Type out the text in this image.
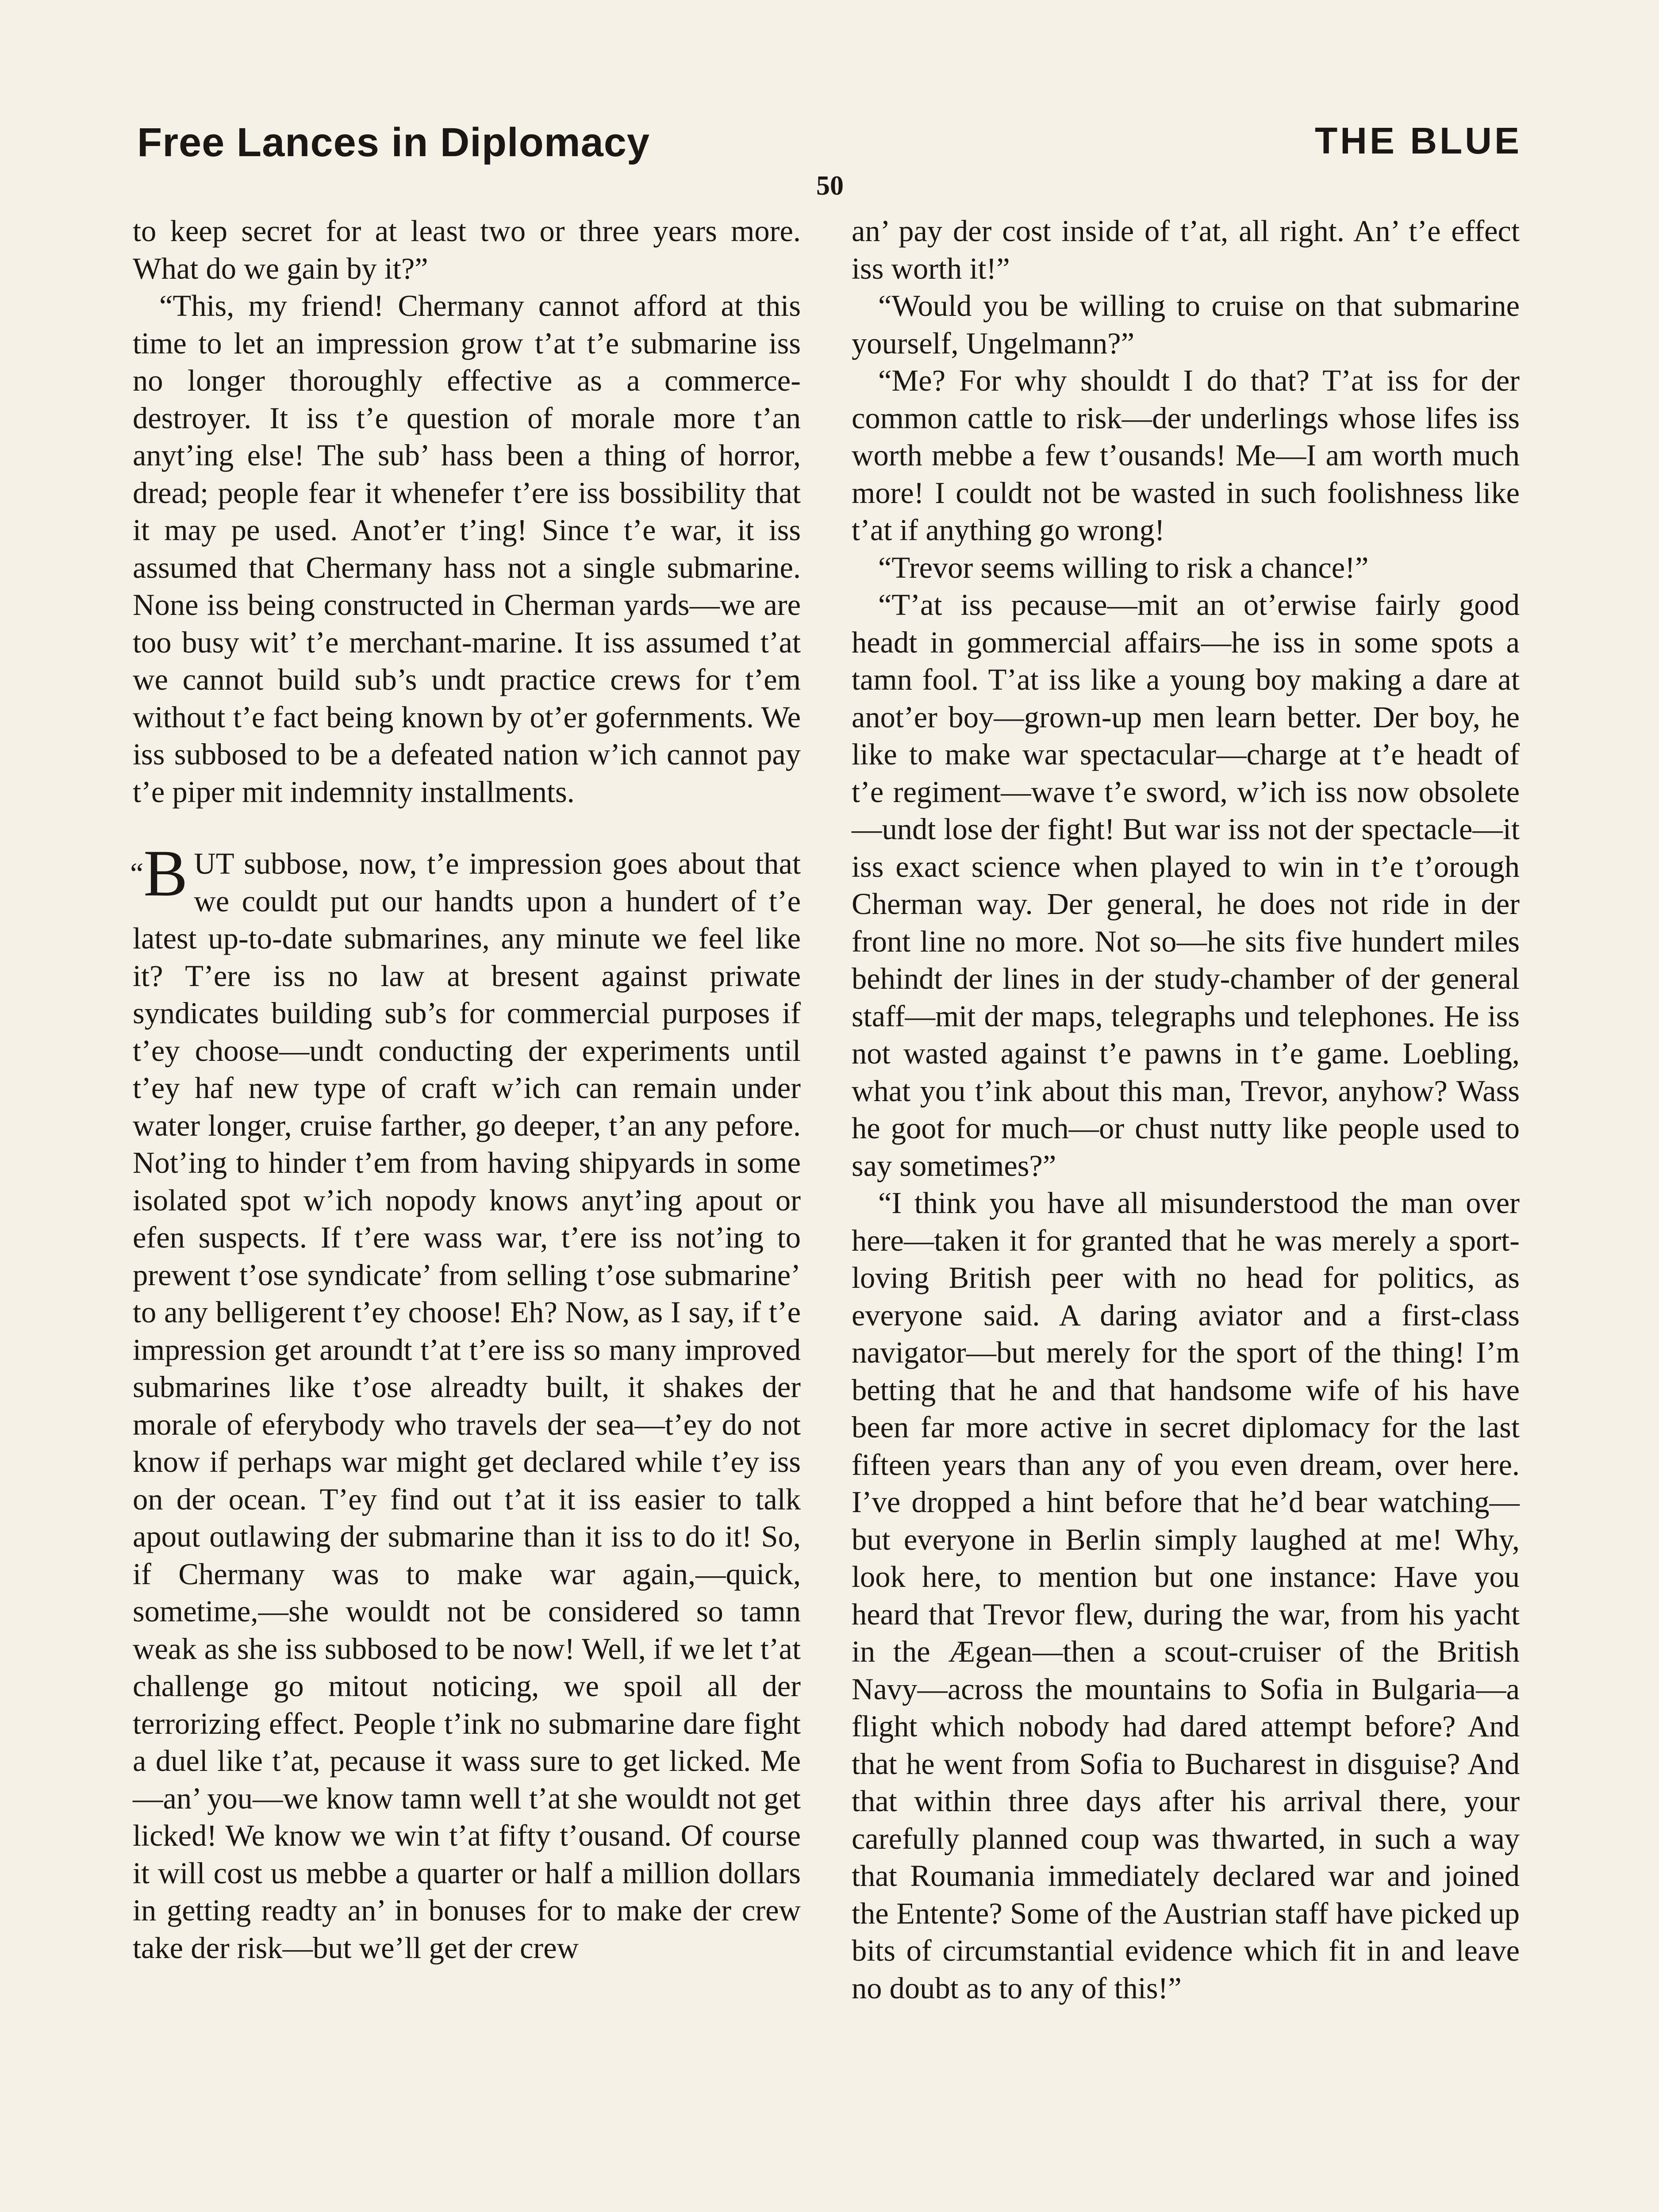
Free Lances in Diplomacy	THE BLUE
50

to keep secret for at least two or three years more. What do we gain by it?”

“This, my friend! Chermany cannot afford at this time to let an impression grow t’at t’e submarine iss no longer thoroughly effective as a commerce-destroyer. It iss t’e question of morale more t’an anyt’ing else! The sub’ hass been a thing of horror, dread; people fear it whenefer t’ere iss bossibility that it may pe used. Anot’er t’ing! Since t’e war, it iss assumed that Chermany hass not a single submarine. None iss being constructed in Cherman yards—we are too busy wit’ t’e merchant-marine. It iss assumed t’at we cannot build sub’s undt practice crews for t’em without t’e fact being known by ot’er gofernments. We iss subbosed to be a defeated nation w’ich cannot pay t’e piper mit indemnity installments.

“B UT subbose, now, t’e impression goes about that we couldt put our handts upon a hundert of t’e latest up-to-date submarines, any minute we feel like it? T’ere iss no law at bresent against priwate syndicates building sub’s for commercial purposes if t’ey choose—undt conducting der experiments until t’ey haf new type of craft w’ich can remain under water longer, cruise farther, go deeper, t’an any pefore. Not’ing to hinder t’em from having shipyards in some isolated spot w’ich nopody knows anyt’ing apout or efen suspects. If t’ere wass war, t’ere iss not’ing to prewent t’ose syndicate’ from selling t’ose submarine’ to any belligerent t’ey choose! Eh? Now, as I say, if t’e impression get aroundt t’at t’ere iss so many improved submarines like t’ose alreadty built, it shakes der morale of eferybody who travels der sea—t’ey do not know if perhaps war might get declared while t’ey iss on der ocean. T’ey find out t’at it iss easier to talk apout outlawing der submarine than it iss to do it! So, if Chermany was to make war again,—quick, sometime,—she wouldt not be considered so tamn weak as she iss subbosed to be now! Well, if we let t’at challenge go mitout noticing, we spoil all der terrorizing effect. People t’ink no submarine dare fight a duel like t’at, pecause it wass sure to get licked. Me—an’ you—we know tamn well t’at she wouldt not get licked! We know we win t’at fifty t’ousand. Of course it will cost us mebbe a quarter or half a million dollars in getting readty an’ in bonuses for to make der crew take der risk—but we’ll get der crew

an’ pay der cost inside of t’at, all right. An’ t’e effect iss worth it!”

“Would you be willing to cruise on that submarine yourself, Ungelmann?”

“Me? For why shouldt I do that? T’at iss for der common cattle to risk—der underlings whose lifes iss worth mebbe a few t’ousands! Me—I am worth much more! I couldt not be wasted in such foolishness like t’at if anything go wrong!

“Trevor seems willing to risk a chance!”

“T’at iss pecause—mit an ot’erwise fairly good headt in gommercial affairs—he iss in some spots a tamn fool. T’at iss like a young boy making a dare at anot’er boy—grown-up men learn better. Der boy, he like to make war spectacular—charge at t’e headt of t’e regiment—wave t’e sword, w’ich iss now obsolete—undt lose der fight! But war iss not der spectacle—it iss exact science when played to win in t’e t’orough Cherman way. Der general, he does not ride in der front line no more. Not so—he sits five hundert miles behindt der lines in der study-chamber of der general staff—mit der maps, telegraphs und telephones. He iss not wasted against t’e pawns in t’e game. Loebling, what you t’ink about this man, Trevor, anyhow? Wass he goot for much—or chust nutty like people used to say sometimes?”

“I think you have all misunderstood the man over here—taken it for granted that he was merely a sport-loving British peer with no head for politics, as everyone said. A daring aviator and a first-class navigator—but merely for the sport of the thing! I’m betting that he and that handsome wife of his have been far more active in secret diplomacy for the last fifteen years than any of you even dream, over here. I’ve dropped a hint before that he’d bear watching—but everyone in Berlin simply laughed at me! Why, look here, to mention but one instance: Have you heard that Trevor flew, during the war, from his yacht in the Ægean—then a scout-cruiser of the British Navy—across the mountains to Sofia in Bulgaria—a flight which nobody had dared attempt before? And that he went from Sofia to Bucharest in disguise? And that within three days after his arrival there, your carefully planned coup was thwarted, in such a way that Roumania immediately declared war and joined the Entente? Some of the Austrian staff have picked up bits of circumstantial evidence which fit in and leave no doubt as to any of this!”
